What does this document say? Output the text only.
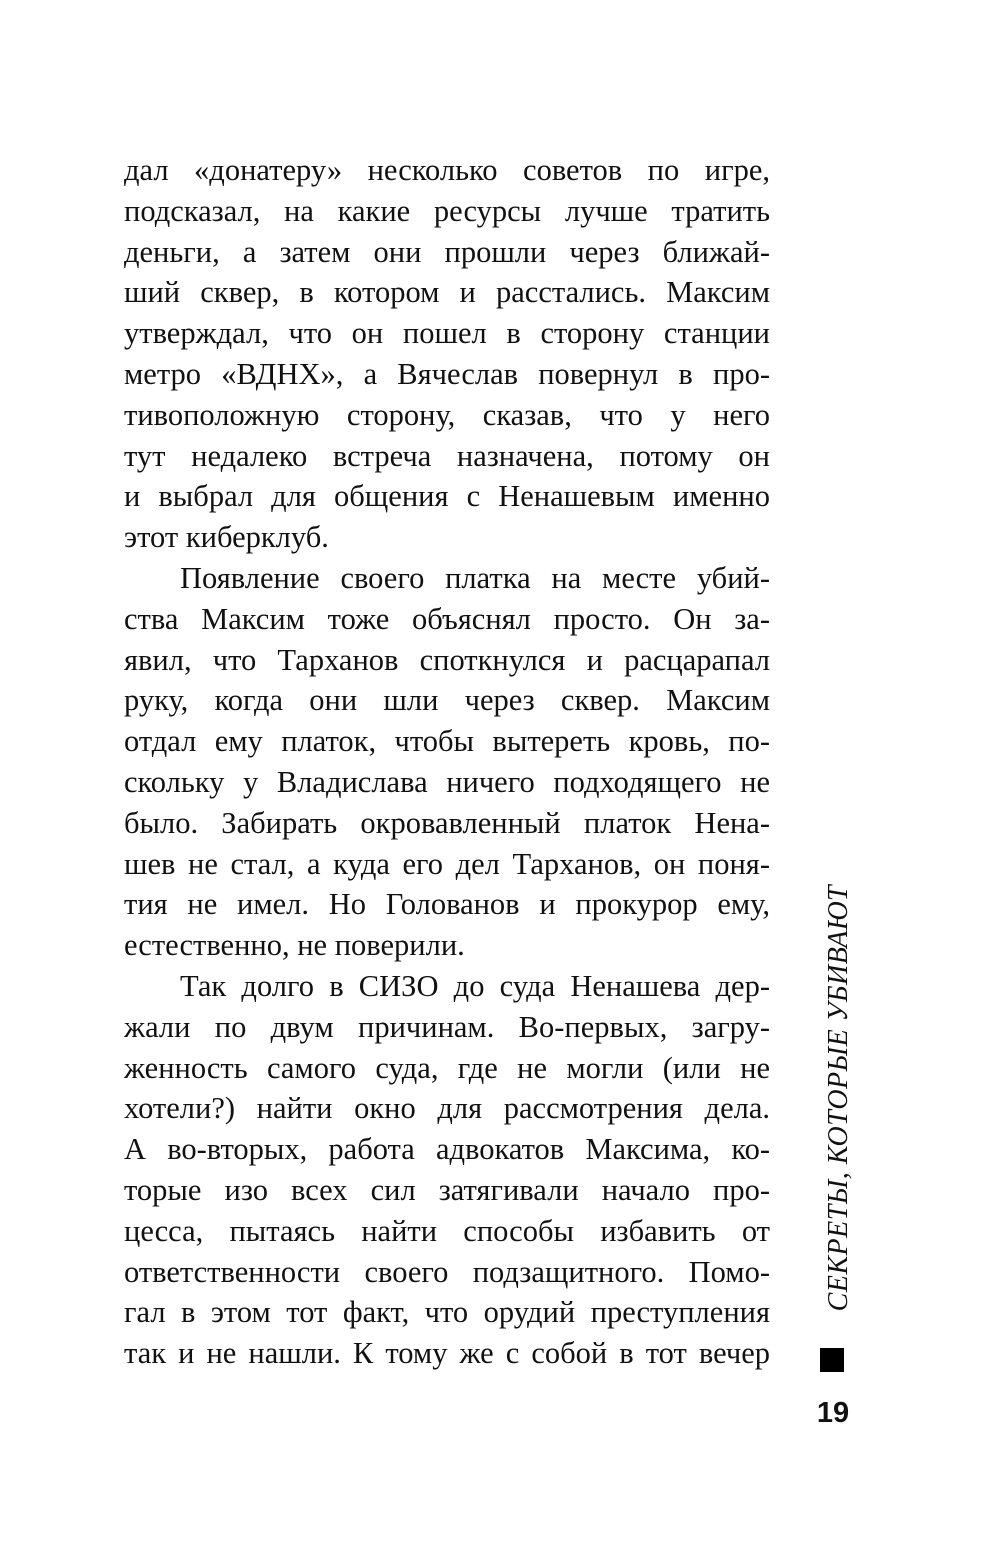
дал «донатеру» несколько советов по игре,
подсказал, на какие ресурсы лучше тратить
деньги, а затем они прошли через ближай-
ший сквер, в котором и расстались. Максим
утверждал, что он пошел в сторону станции
метро «ВДНХ», а Вячеслав повернул в про-
тивоположную сторону, сказав, что у него
тут недалеко встреча назначена, потому он
и выбрал для общения с Ненашевым именно
этот киберклуб.
Появление своего платка на месте убий-
ства Максим тоже объяснял просто. Он за-
явил, что Тарханов споткнулся и расцарапал
руку, когда они шли через сквер. Максим
отдал ему платок, чтобы вытереть кровь, по-
скольку у Владислава ничего подходящего не
было. Забирать окровавленный платок Нена-
шев не стал, а куда его дел Тарханов, он поня-
тия не имел. Но Голованов и прокурор ему,
естественно, не поверили.
Так долго в СИЗО до суда Ненашева дер-
жали по двум причинам. Во-первых, загру-
женность самого суда, где не могли (или не
хотели?) найти окно для рассмотрения дела.
А во-вторых, работа адвокатов Максима, ко-
торые изо всех сил затягивали начало про-
цесса, пытаясь найти способы избавить от
ответственности своего подзащитного. Помо-
гал в этом тот факт, что орудий преступления
так и не нашли. К тому же с собой в тот вечер
СЕКРЕТЫ, КОТОРЫЕ УБИВАЮТ
19
